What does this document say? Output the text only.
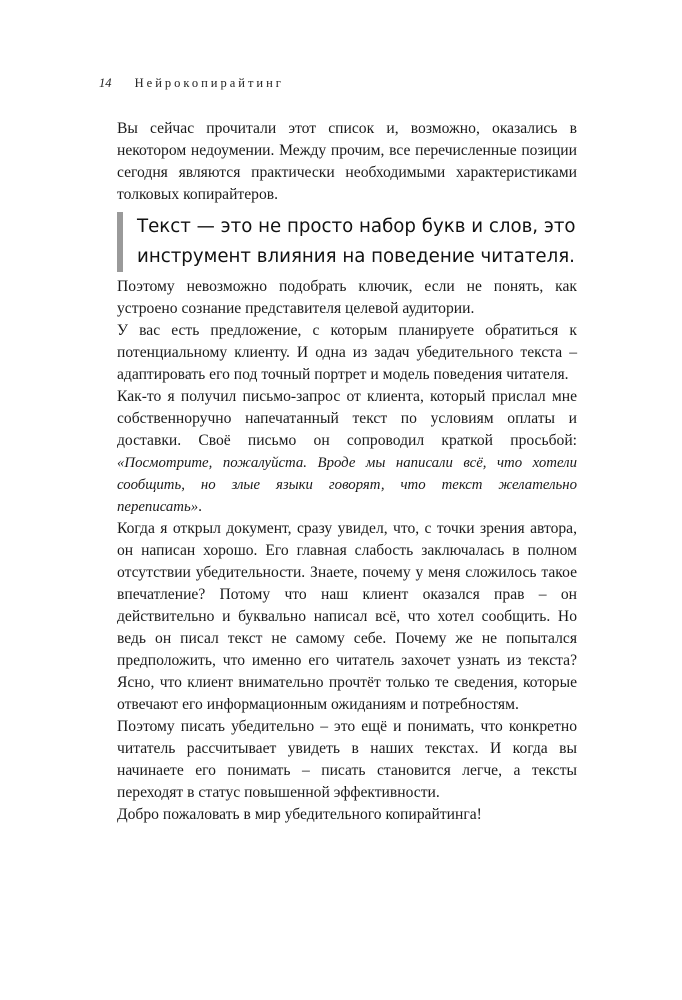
14 Нейрокопирайтинг

Вы сейчас прочитали этот список и, возможно, оказались в некотором недоумении. Между прочим, все перечисленные позиции сегодня являются практически необходимыми характеристиками толковых копирайтеров.

Текст — это не просто набор букв и слов, это инструмент влияния на поведение читателя.

Поэтому невозможно подобрать ключик, если не понять, как устроено сознание представителя целевой аудитории.

У вас есть предложение, с которым планируете обратиться к потенциальному клиенту. И одна из задач убедительного текста – адаптировать его под точный портрет и модель поведения читателя.

Как-то я получил письмо-запрос от клиента, который прислал мне собственноручно напечатанный текст по условиям оплаты и доставки. Своё письмо он сопроводил краткой просьбой: «Посмотрите, пожалуйста. Вроде мы написали всё, что хотели сообщить, но злые языки говорят, что текст желательно переписать».

Когда я открыл документ, сразу увидел, что, с точки зрения автора, он написан хорошо. Его главная слабость заключалась в полном отсутствии убедительности. Знаете, почему у меня сложилось такое впечатление? Потому что наш клиент оказался прав – он действительно и буквально написал всё, что хотел сообщить. Но ведь он писал текст не самому себе. Почему же не попытался предположить, что именно его читатель захочет узнать из текста? Ясно, что клиент внимательно прочтёт только те сведения, которые отвечают его информационным ожиданиям и потребностям.

Поэтому писать убедительно – это ещё и понимать, что конкретно читатель рассчитывает увидеть в наших текстах. И когда вы начинаете его понимать – писать становится легче, а тексты переходят в статус повышенной эффективности.

Добро пожаловать в мир убедительного копирайтинга!
